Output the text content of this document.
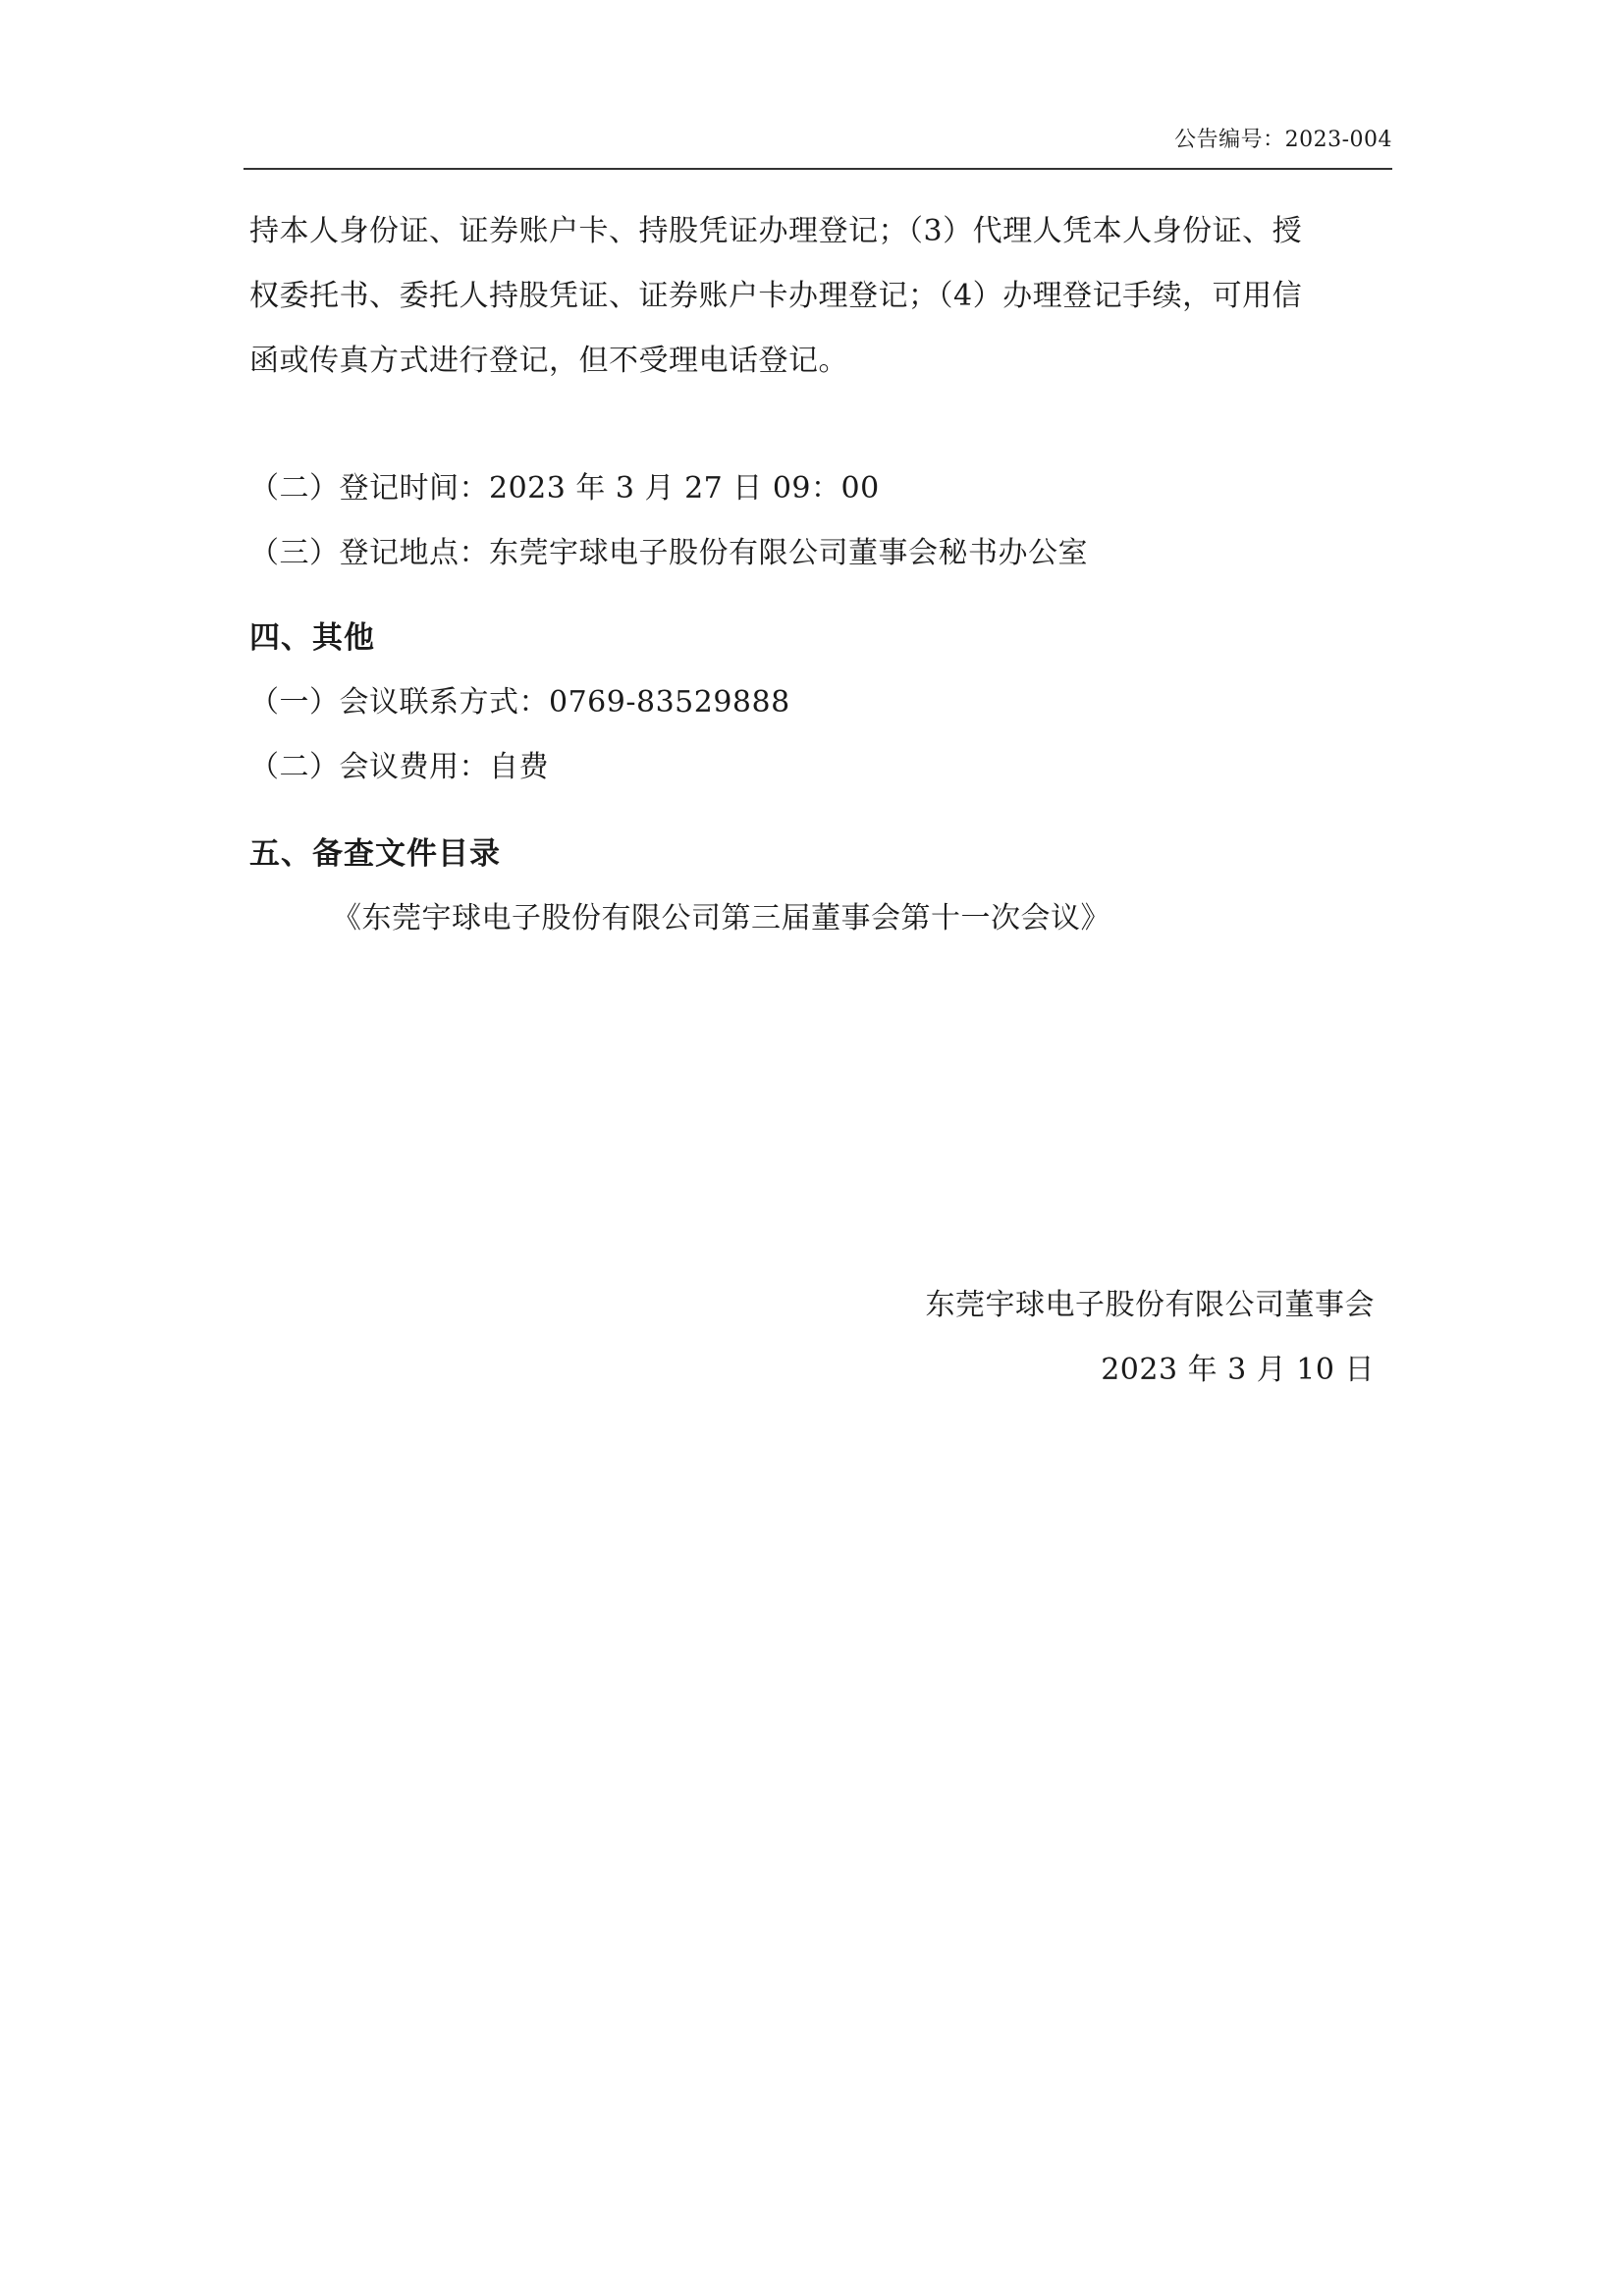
公告编号：2023-004
持本人身份证、证券账户卡、持股凭证办理登记；（3）代理人凭本人身份证、授
权委托书、委托人持股凭证、证券账户卡办理登记；（4）办理登记手续，可用信
函或传真方式进行登记，但不受理电话登记。
（二）登记时间：2023 年 3 月 27 日 09：00
（三）登记地点：东莞宇球电子股份有限公司董事会秘书办公室
四、其他
（一）会议联系方式：0769-83529888
（二）会议费用：自费
五、备查文件目录
《东莞宇球电子股份有限公司第三届董事会第十一次会议》
东莞宇球电子股份有限公司董事会
2023 年 3 月 10 日
